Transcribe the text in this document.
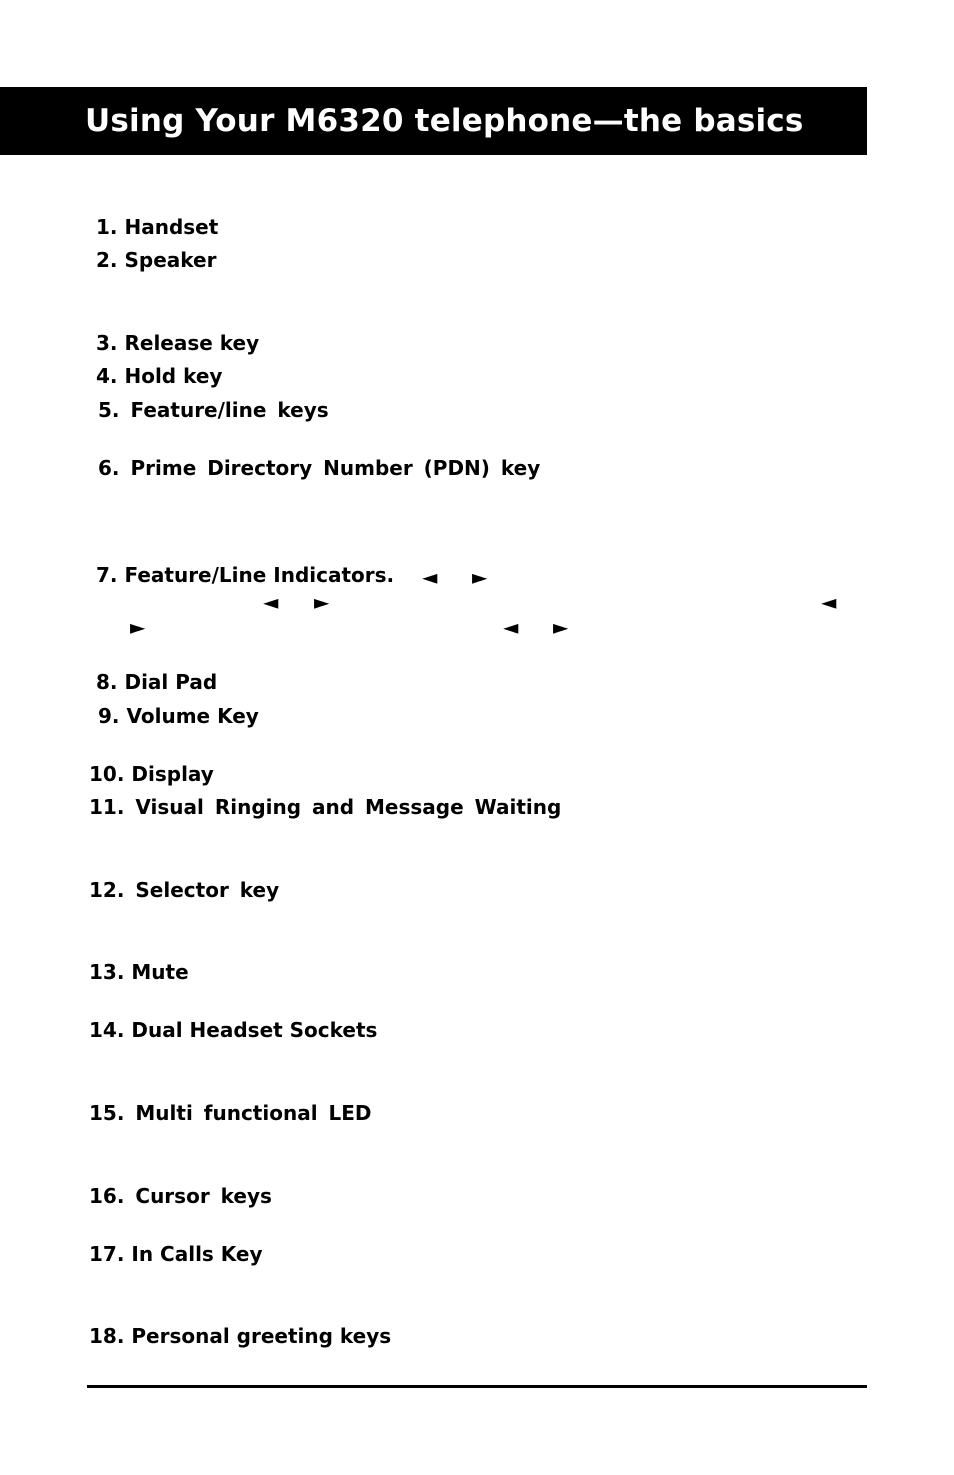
Using Your M6320 telephone—the basics
1. Handset
2. Speaker
3. Release key
4. Hold key
5. Feature/line keys
6. Prime Directory Number (PDN) key
7. Feature/Line Indicators. ◄ ►
◄ ►	◄
►	◄ ►
8. Dial Pad
9. Volume Key
10. Display
11. Visual Ringing and Message Waiting
12. Selector key
13. Mute
14. Dual Headset Sockets
15. Multi functional LED
16. Cursor keys
17. In Calls Key
18. Personal greeting keys
